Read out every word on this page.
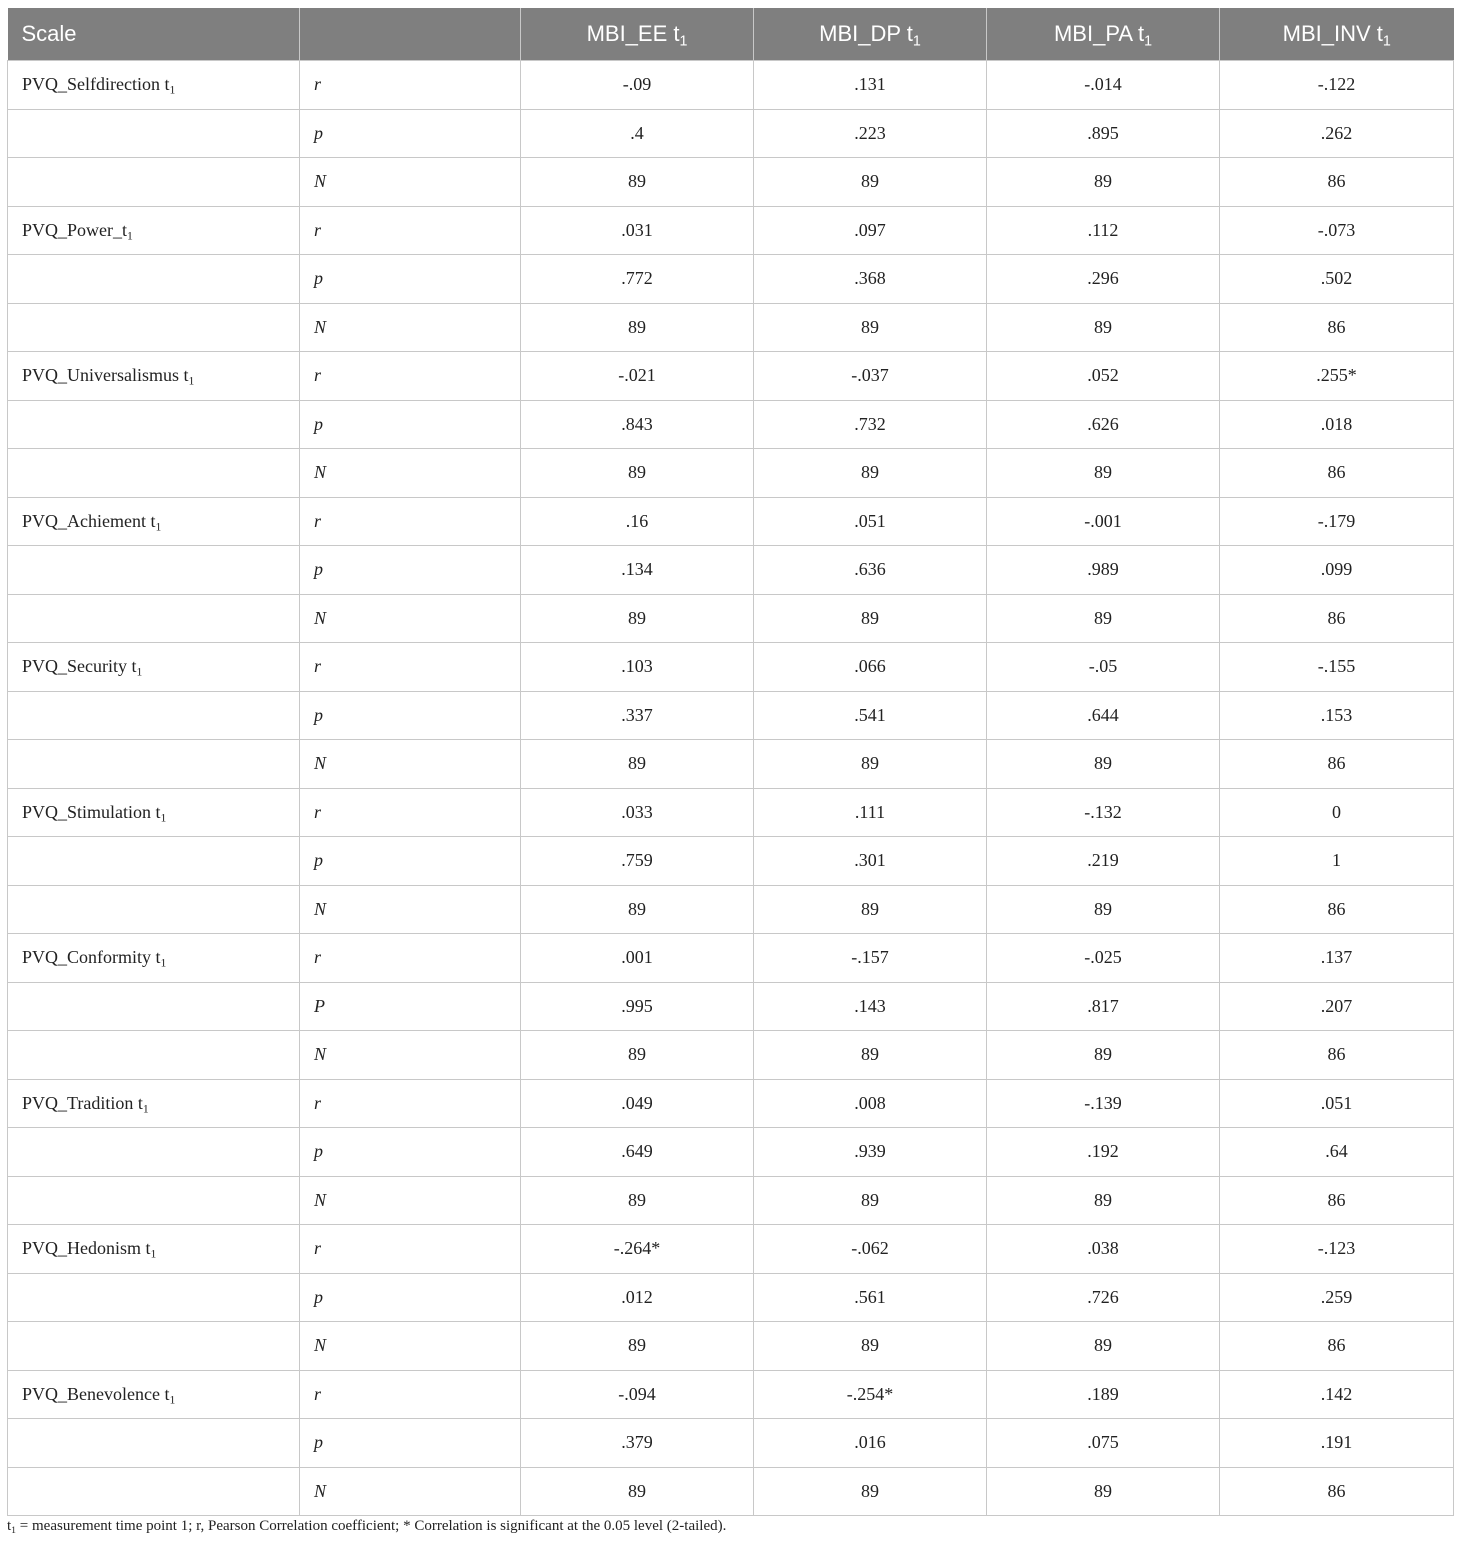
Scale		MBI_EE $t_1$	MBI_DP $t_1$	MBI_PA $t_1$	MBI_INV $t_1$
PVQ_Selfdirection $t_1$	r	-.09	.131	-.014	-.122
	p	.4	.223	.895	.262
	N	89	89	89	86
$PVQ\_Power\_t_1$	r	.031	.097	.112	-.073
	p	.772	.368	.296	.502
	N	89	89	89	86
PVQ_Universalismus $t_1$	r	-.021	-.037	.052	.255*
	p	.843	.732	.626	.018
	N	89	89	89	86
PVQ_Achiement $t_1$	r	.16	.051	-.001	-.179
	p	.134	.636	.989	.099
	N	89	89	89	86
PVQ_Security $t_1$	r	.103	.066	-.05	-.155
	p	.337	.541	.644	.153
	N	89	89	89	86
PVQ_Stimulation $t_1$	r	.033	.111	-.132	0
	p	.759	.301	.219	1
	N	89	89	89	86
PVQ_Conformity $t_1$	r	.001	-.157	-.025	.137
	P	.995	.143	.817	.207
	N	89	89	89	86
PVQ_Tradition $t_1$	r	.049	.008	-.139	.051
	p	.649	.939	.192	.64
	N	89	89	89	86
PVQ_Hedonism $t_1$	r	-.264*	-.062	.038	-.123
	p	.012	.561	.726	.259
	N	89	89	89	86
PVQ_Benevolence $t_1$	r	-.094	-.254*	.189	.142
	p	.379	.016	.075	.191
	N	89	89	89	86
$t_1$ = measurement time point 1; r, Pearson Correlation coefficient; * Correlation is significant at the 0.05 level (2-tailed).
